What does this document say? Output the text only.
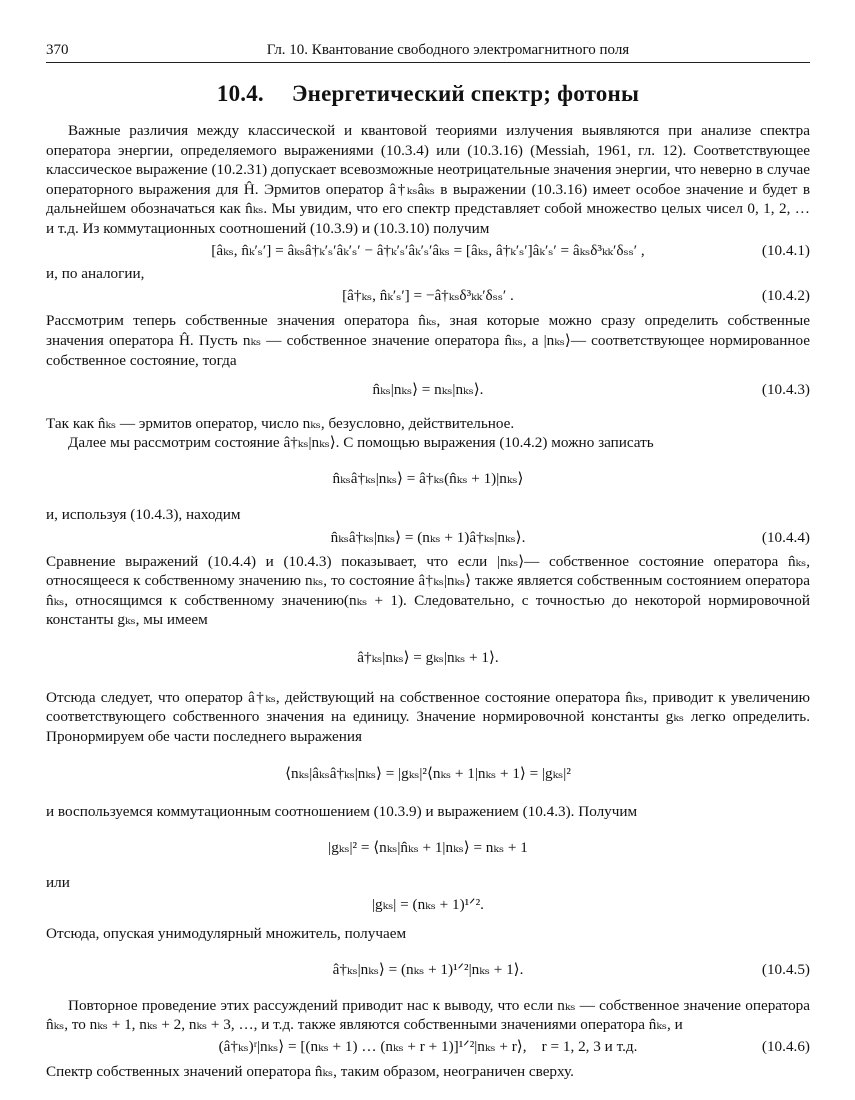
370	Гл. 10. Квантование свободного электромагнитного поля
10.4. Энергетический спектр; фотоны

Важные различия между классической и квантовой теориями излучения выявляются при анализе спектра оператора энергии, определяемого выражениями (10.3.4) или (10.3.16) (Messiah, 1961, гл. 12). Соответствующее классическое выражение (10.2.31) допускает всевозможные неотрицательные значения энергии, что неверно в случае операторного выражения для Ĥ. Эрмитов оператор â†ₖₛâₖₛ в выражении (10.3.16) имеет особое значение и будет в дальнейшем обозначаться как n̂ₖₛ. Мы увидим, что его спектр представляет собой множество целых чисел 0, 1, 2, … и т.д. Из коммутационных соотношений (10.3.9) и (10.3.10) получим

[âₖₛ, n̂ₖ′ₛ′] = âₖₛâ†ₖ′ₛ′âₖ′ₛ′ − â†ₖ′ₛ′âₖ′ₛ′âₖₛ = [âₖₛ, â†ₖ′ₛ′]âₖ′ₛ′ = âₖₛδ³ₖₖ′δₛₛ′ ,	(10.4.1)

и, по аналогии,

[â†ₖₛ, n̂ₖ′ₛ′] = −â†ₖₛδ³ₖₖ′δₛₛ′ .	(10.4.2)

Рассмотрим теперь собственные значения оператора n̂ₖₛ, зная которые можно сразу определить собственные значения оператора Ĥ. Пусть nₖₛ — собственное значение оператора n̂ₖₛ, а |nₖₛ⟩— соответствующее нормированное собственное состояние, тогда

n̂ₖₛ|nₖₛ⟩ = nₖₛ|nₖₛ⟩.	(10.4.3)

Так как n̂ₖₛ — эрмитов оператор, число nₖₛ, безусловно, действительное.

Далее мы рассмотрим состояние â†ₖₛ|nₖₛ⟩. С помощью выражения (10.4.2) можно записать

n̂ₖₛâ†ₖₛ|nₖₛ⟩ = â†ₖₛ(n̂ₖₛ + 1)|nₖₛ⟩

и, используя (10.4.3), находим

n̂ₖₛâ†ₖₛ|nₖₛ⟩ = (nₖₛ + 1)â†ₖₛ|nₖₛ⟩.	(10.4.4)

Сравнение выражений (10.4.4) и (10.4.3) показывает, что если |nₖₛ⟩— собственное состояние оператора n̂ₖₛ, относящееся к собственному значению nₖₛ, то состояние â†ₖₛ|nₖₛ⟩ также является собственным состоянием оператора n̂ₖₛ, относящимся к собственному значению(nₖₛ + 1). Следовательно, с точностью до некоторой нормировочной константы gₖₛ, мы имеем

â†ₖₛ|nₖₛ⟩ = gₖₛ|nₖₛ + 1⟩.

Отсюда следует, что оператор â†ₖₛ, действующий на собственное состояние оператора n̂ₖₛ, приводит к увеличению соответствующего собственного значения на единицу. Значение нормировочной константы gₖₛ легко определить. Пронормируем обе части последнего выражения

⟨nₖₛ|âₖₛâ†ₖₛ|nₖₛ⟩ = |gₖₛ|²⟨nₖₛ + 1|nₖₛ + 1⟩ = |gₖₛ|²

и воспользуемся коммутационным соотношением (10.3.9) и выражением (10.4.3). Получим

|gₖₛ|² = ⟨nₖₛ|n̂ₖₛ + 1|nₖₛ⟩ = nₖₛ + 1

или

|gₖₛ| = (nₖₛ + 1)¹ᐟ².

Отсюда, опуская унимодулярный множитель, получаем

â†ₖₛ|nₖₛ⟩ = (nₖₛ + 1)¹ᐟ²|nₖₛ + 1⟩.	(10.4.5)

Повторное проведение этих рассуждений приводит нас к выводу, что если nₖₛ — собственное значение оператора n̂ₖₛ, то nₖₛ + 1, nₖₛ + 2, nₖₛ + 3, …, и т.д. также являются собственными значениями оператора n̂ₖₛ, и

(â†ₖₛ)ʳ|nₖₛ⟩ = [(nₖₛ + 1) … (nₖₛ + r + 1)]¹ᐟ²|nₖₛ + r⟩,    r = 1, 2, 3 и т.д.	(10.4.6)

Спектр собственных значений оператора n̂ₖₛ, таким образом, неограничен сверху.
